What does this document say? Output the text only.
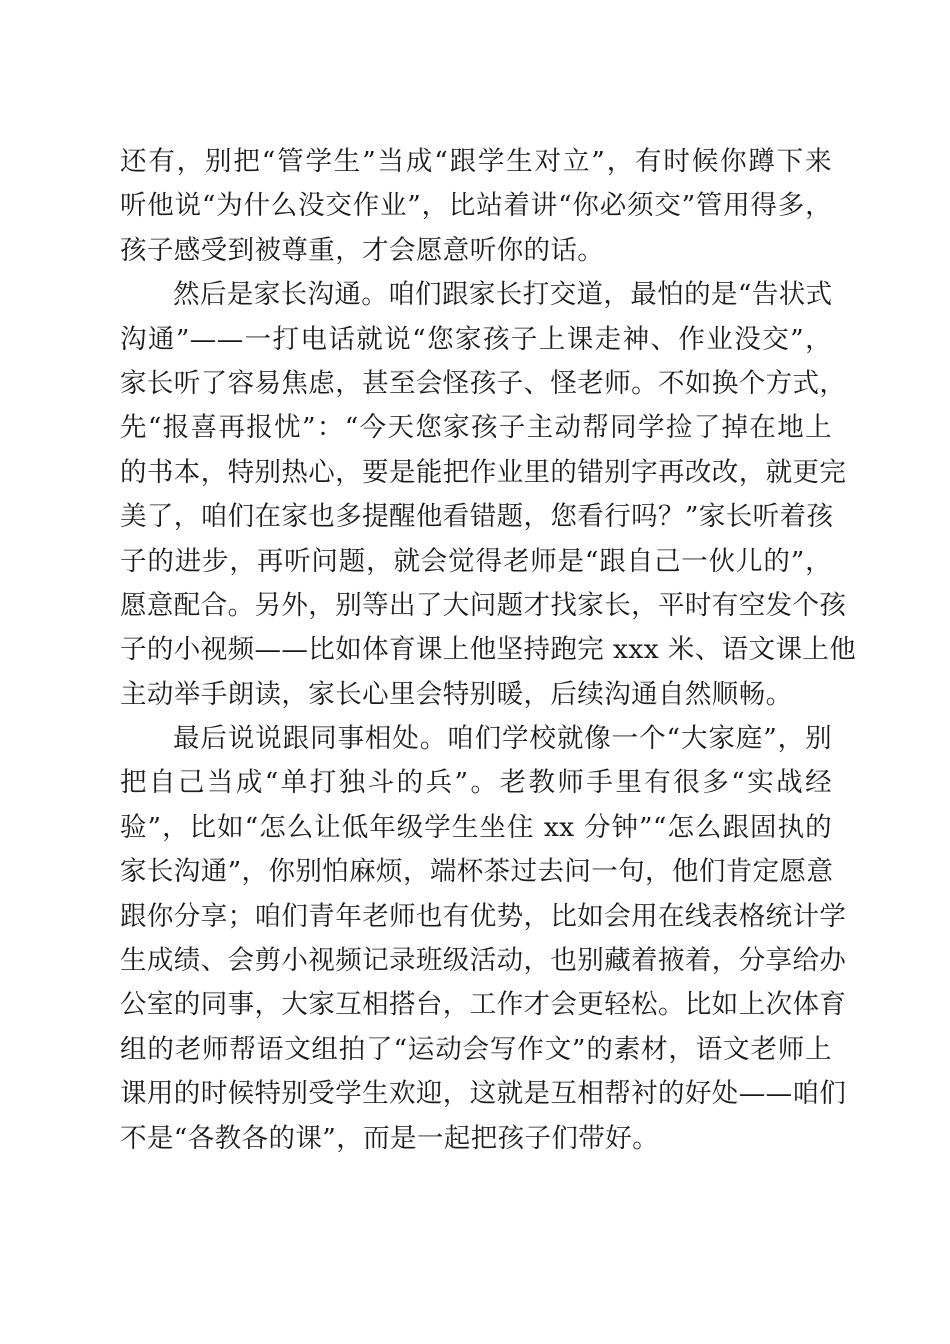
还有，别把“管学生”当成“跟学生对立”，有时候你蹲下来
听他说“为什么没交作业”，比站着讲“你必须交”管用得多，
孩子感受到被尊重，才会愿意听你的话。
然后是家长沟通。咱们跟家长打交道，最怕的是“告状式
沟通”——一打电话就说“您家孩子上课走神、作业没交”，
家长听了容易焦虑，甚至会怪孩子、怪老师。不如换个方式，
先“报喜再报忧”：“今天您家孩子主动帮同学捡了掉在地上
的书本，特别热心，要是能把作业里的错别字再改改，就更完
美了，咱们在家也多提醒他看错题，您看行吗？”家长听着孩
子的进步，再听问题，就会觉得老师是“跟自己一伙儿的”，
愿意配合。另外，别等出了大问题才找家长，平时有空发个孩
子的小视频——比如体育课上他坚持跑完 xxx 米、语文课上他
主动举手朗读，家长心里会特别暖，后续沟通自然顺畅。
最后说说跟同事相处。咱们学校就像一个“大家庭”，别
把自己当成“单打独斗的兵”。老教师手里有很多“实战经
验”，比如“怎么让低年级学生坐住 xx 分钟”“怎么跟固执的
家长沟通”，你别怕麻烦，端杯茶过去问一句，他们肯定愿意
跟你分享；咱们青年老师也有优势，比如会用在线表格统计学
生成绩、会剪小视频记录班级活动，也别藏着掖着，分享给办
公室的同事，大家互相搭台，工作才会更轻松。比如上次体育
组的老师帮语文组拍了“运动会写作文”的素材，语文老师上
课用的时候特别受学生欢迎，这就是互相帮衬的好处——咱们
不是“各教各的课”，而是一起把孩子们带好。
